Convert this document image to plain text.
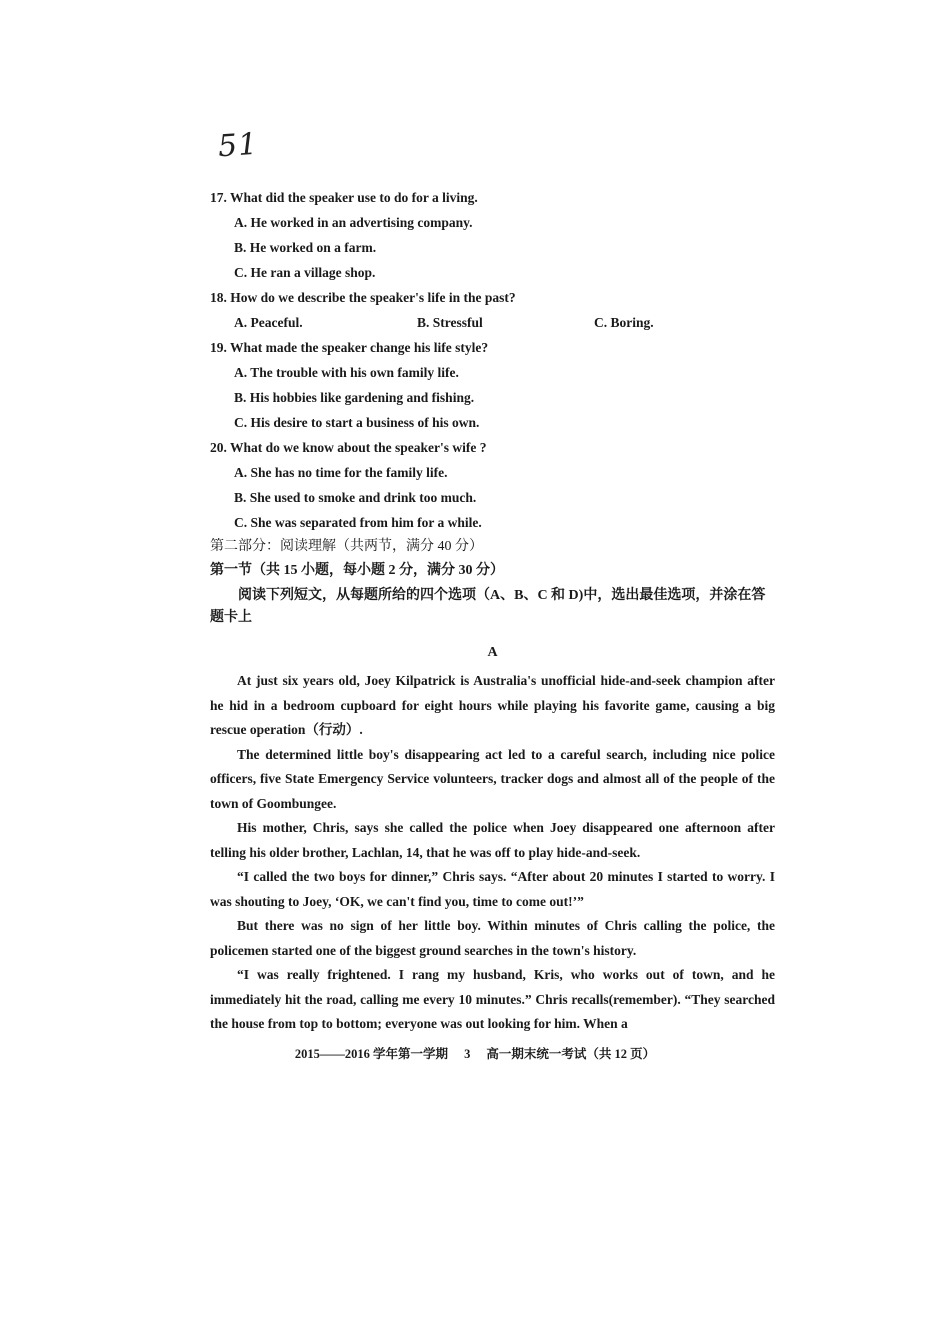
51
17. What did the speaker use to do for a living.
A. He worked in an advertising company.
B. He worked on a farm.
C. He ran a village shop.
18. How do we describe the speaker's life in the past?
A. Peaceful.	B. Stressful	C. Boring.
19. What made the speaker change his life style?
A. The trouble with his own family life.
B. His hobbies like gardening and fishing.
C. His desire to start a business of his own.
20. What do we know about the speaker's wife ?
A. She has no time for the family life.
B. She used to smoke and drink too much.
C. She was separated from him for a while.
第二部分：阅读理解（共两节，满分 40 分）
第一节（共 15 小题，每小题 2 分，满分 30 分）
阅读下列短文，从每题所给的四个选项（A、B、C 和 D)中，选出最佳选项，并涂在答题卡上
A
At just six years old, Joey Kilpatrick is Australia's unofficial hide-and-seek champion after he hid in a bedroom cupboard for eight hours while playing his favorite game, causing a big rescue operation（行动）.
The determined little boy's disappearing act led to a careful search, including nice police officers, five State Emergency Service volunteers, tracker dogs and almost all of the people of the town of Goombungee.
His mother, Chris, says she called the police when Joey disappeared one afternoon after telling his older brother, Lachlan, 14, that he was off to play hide-and-seek.
“I called the two boys for dinner,” Chris says. “After about 20 minutes I started to worry. I was shouting to Joey, ‘OK, we can't find you, time to come out!’”
But there was no sign of her little boy. Within minutes of Chris calling the police, the policemen started one of the biggest ground searches in the town's history.
“I was really frightened. I rang my husband, Kris, who works out of town, and he immediately hit the road, calling me every 10 minutes.” Chris recalls(remember). “They searched the house from top to bottom; everyone was out looking for him. When a
2015——2016 学年第一学期 3 高一期末统一考试（共 12 页）
